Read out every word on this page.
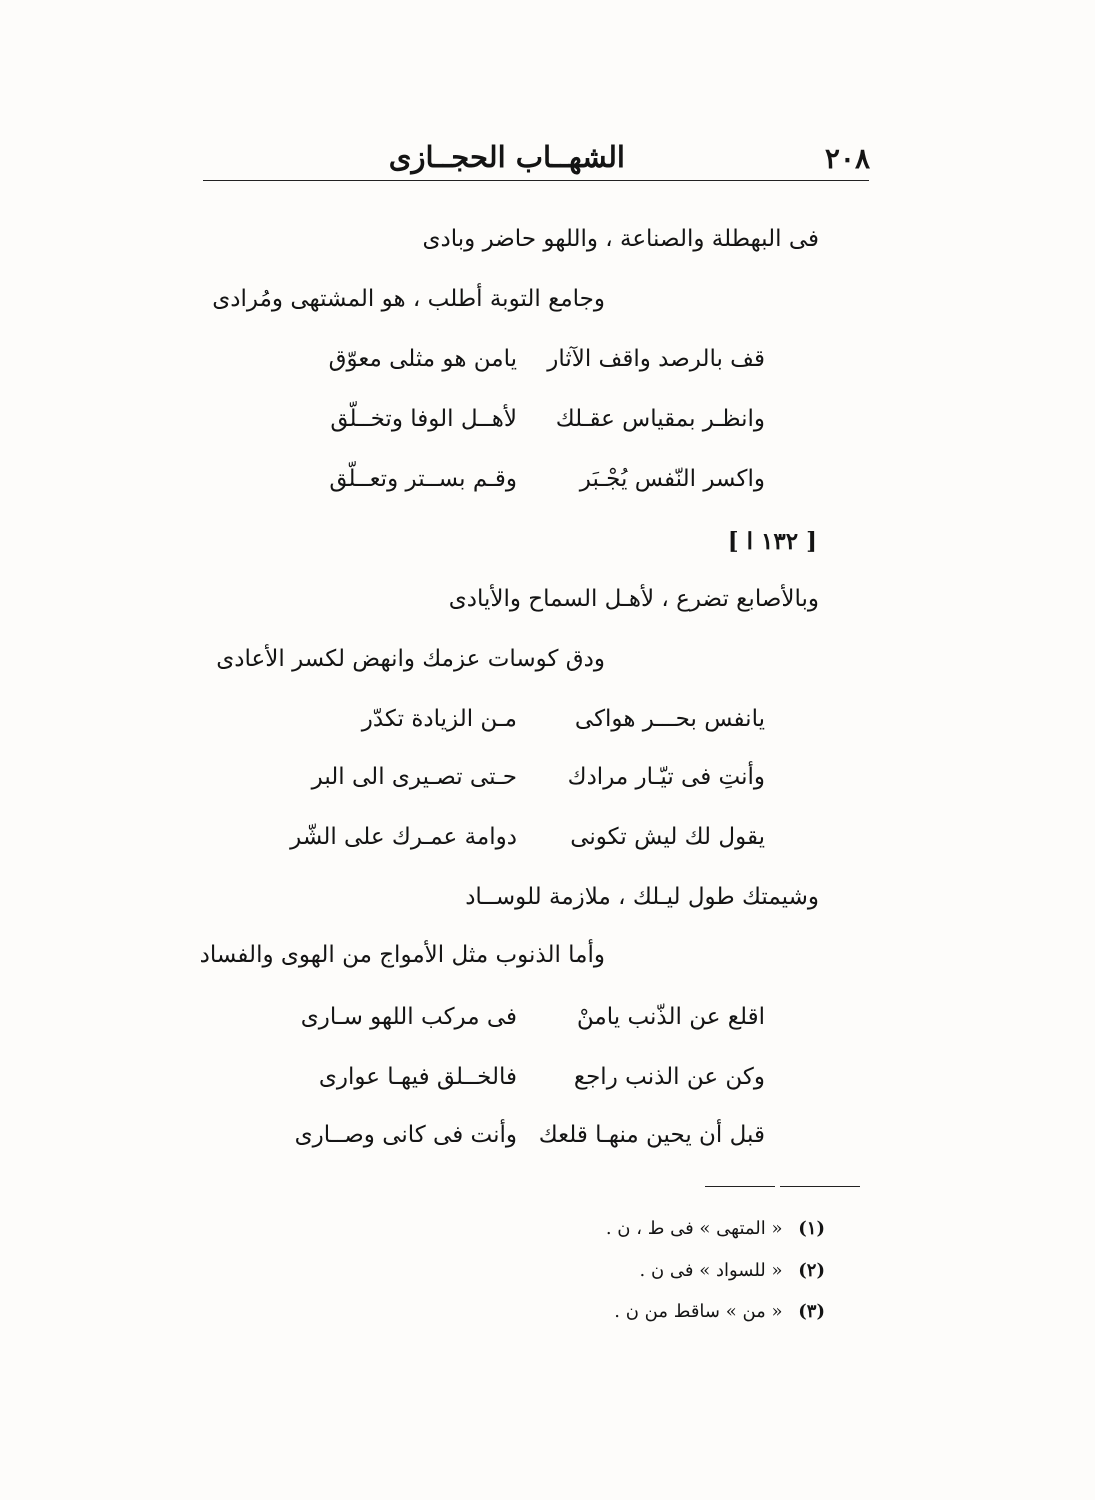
٢٠٨
الشهــاب الحجــازى
فى البهطلة والصناعة ، واللهو حاضر وبادى
وجامع التوبة أطلب ، هو المشتهى ومُرادى
قف بالرصد واقف الآثار
يامن هو مثلى معوّق
وانظـر بمقياس عقـلك
لأهــل الوفا وتخــلّق
واكسر النّفس يُجْـبَر
وقـم بســتر وتعــلّق
[ ١٣٢ ا ]
وبالأصابع تضرع ، لأهـل السماح والأيادى
ودق كوسات عزمك وانهض لكسر الأعادى
يانفس بحـــر هواكى
مـن الزيادة تكدّر
وأنتِ فى تيّـار مرادك
حـتى تصـيرى الى البر
يقول لك ليش تكونى
دوامة عمـرك على الشّر
وشيمتك طول ليـلك ، ملازمة للوســاد
وأما الذنوب مثل الأمواج من الهوى والفساد
اقلع عن الذّنب يامنْ
فى مركب اللهو سـارى
وكن عن الذنب راجع
فالخــلق فيهـا عوارى
قبل أن يحين منهـا قلعك
وأنت فى كانى وصــارى
(١) « المتهى » فى ط ، ن .
(٢) « للسواد » فى ن .
(٣) « من » ساقط من ن .
